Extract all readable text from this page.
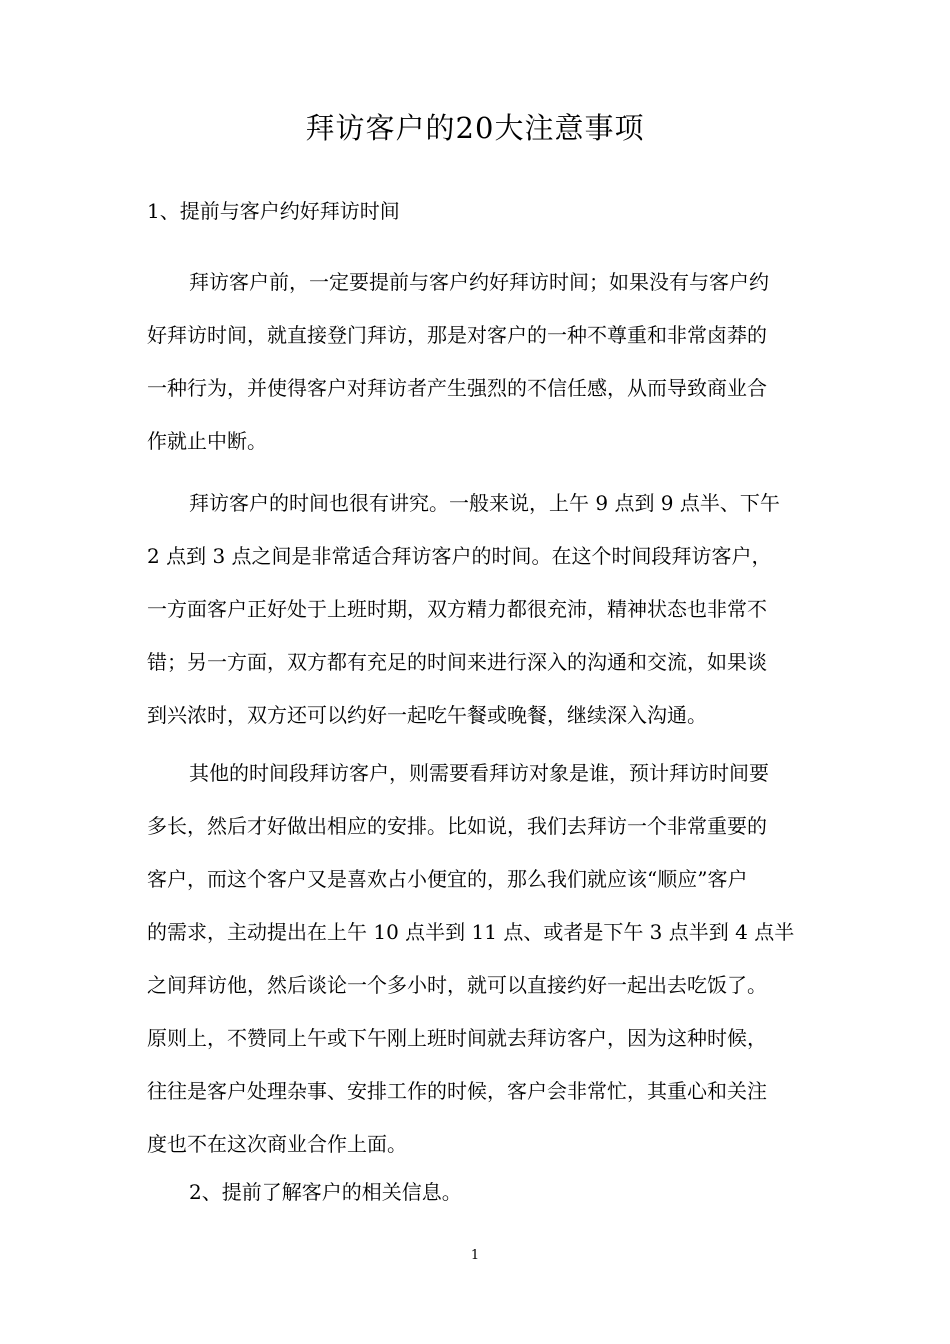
拜访客户的20大注意事项

1、提前与客户约好拜访时间

拜访客户前，一定要提前与客户约好拜访时间；如果没有与客户约
好拜访时间，就直接登门拜访，那是对客户的一种不尊重和非常卤莽的
一种行为，并使得客户对拜访者产生强烈的不信任感，从而导致商业合
作就止中断。
拜访客户的时间也很有讲究。一般来说，上午 9 点到 9 点半、下午
2 点到 3 点之间是非常适合拜访客户的时间。在这个时间段拜访客户，
一方面客户正好处于上班时期，双方精力都很充沛，精神状态也非常不
错；另一方面，双方都有充足的时间来进行深入的沟通和交流，如果谈
到兴浓时，双方还可以约好一起吃午餐或晚餐，继续深入沟通。
其他的时间段拜访客户，则需要看拜访对象是谁，预计拜访时间要
多长，然后才好做出相应的安排。比如说，我们去拜访一个非常重要的
客户，而这个客户又是喜欢占小便宜的，那么我们就应该“顺应”客户
的需求，主动提出在上午 10 点半到 11 点、或者是下午 3 点半到 4 点半
之间拜访他，然后谈论一个多小时，就可以直接约好一起出去吃饭了。
原则上，不赞同上午或下午刚上班时间就去拜访客户，因为这种时候，
往往是客户处理杂事、安排工作的时候，客户会非常忙，其重心和关注
度也不在这次商业合作上面。

2、提前了解客户的相关信息。

1
